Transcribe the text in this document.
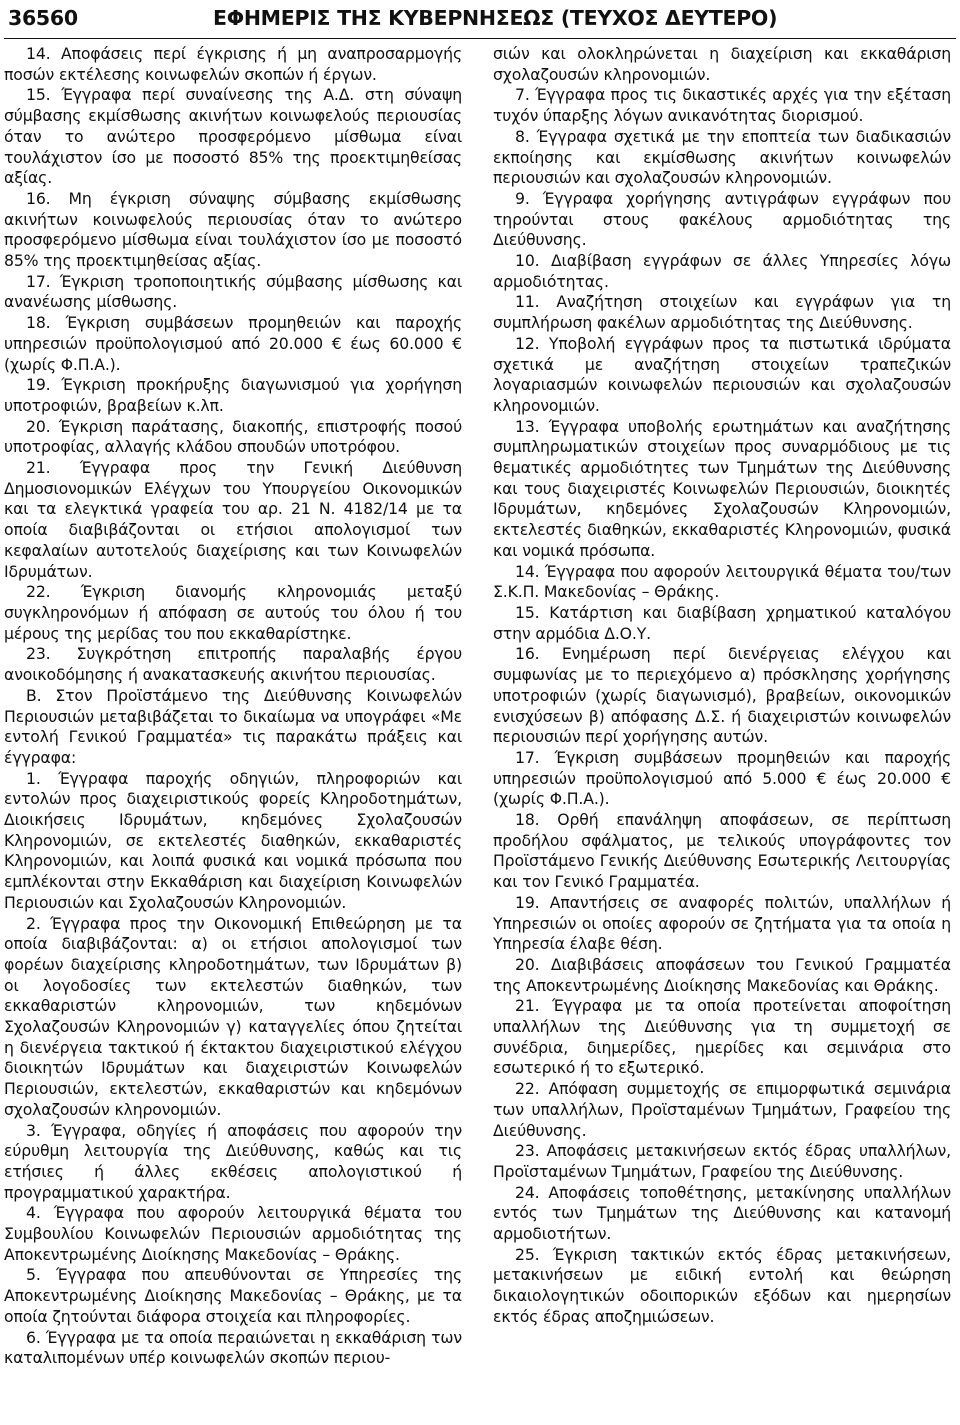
36560	ΕΦΗΜΕΡΙΣ ΤΗΣ ΚΥΒΕΡΝΗΣΕΩΣ (ΤΕΥΧΟΣ ΔΕΥΤΕΡΟ)

14. Αποφάσεις περί έγκρισης ή μη αναπροσαρμογής ποσών εκτέλεσης κοινωφελών σκοπών ή έργων.

15. Έγγραφα περί συναίνεσης της Α.Δ. στη σύναψη σύμβασης εκμίσθωσης ακινήτων κοινωφελούς περιουσίας όταν το ανώτερο προσφερόμενο μίσθωμα είναι τουλάχιστον ίσο με ποσοστό 85% της προεκτιμηθείσας αξίας.

16. Μη έγκριση σύναψης σύμβασης εκμίσθωσης ακινήτων κοινωφελούς περιουσίας όταν το ανώτερο προσφερόμενο μίσθωμα είναι τουλάχιστον ίσο με ποσοστό 85% της προεκτιμηθείσας αξίας.

17. Έγκριση τροποποιητικής σύμβασης μίσθωσης και ανανέωσης μίσθωσης.

18. Έγκριση συμβάσεων προμηθειών και παροχής υπηρεσιών προϋπολογισμού από 20.000 € έως 60.000 € (χωρίς Φ.Π.Α.).

19. Έγκριση προκήρυξης διαγωνισμού για χορήγηση υποτροφιών, βραβείων κ.λπ.

20. Έγκριση παράτασης, διακοπής, επιστροφής ποσού υποτροφίας, αλλαγής κλάδου σπουδών υποτρόφου.

21. Έγγραφα προς την Γενική Διεύθυνση Δημοσιονομικών Ελέγχων του Υπουργείου Οικονομικών και τα ελεγκτικά γραφεία του αρ. 21 Ν. 4182/14 με τα οποία διαβιβάζονται οι ετήσιοι απολογισμοί των κεφαλαίων αυτοτελούς διαχείρισης και των Κοινωφελών Ιδρυμάτων.

22. Έγκριση διανομής κληρονομιάς μεταξύ συγκληρονόμων ή απόφαση σε αυτούς του όλου ή του μέρους της μερίδας του που εκκαθαρίστηκε.

23. Συγκρότηση επιτροπής παραλαβής έργου ανοικοδόμησης ή ανακατασκευής ακινήτου περιουσίας.

Β. Στον Προϊστάμενο της Διεύθυνσης Κοινωφελών Περιουσιών μεταβιβάζεται το δικαίωμα να υπογράφει «Με εντολή Γενικού Γραμματέα» τις παρακάτω πράξεις και έγγραφα:

1. Έγγραφα παροχής οδηγιών, πληροφοριών και εντολών προς διαχειριστικούς φορείς Κληροδοτημάτων, Διοικήσεις Ιδρυμάτων, κηδεμόνες Σχολαζουσών Κληρονομιών, σε εκτελεστές διαθηκών, εκκαθαριστές Κληρονομιών, και λοιπά φυσικά και νομικά πρόσωπα που εμπλέκονται στην Εκκαθάριση και διαχείριση Κοινωφελών Περιουσιών και Σχολαζουσών Κληρονομιών.

2. Έγγραφα προς την Οικονομική Επιθεώρηση με τα οποία διαβιβάζονται: α) οι ετήσιοι απολογισμοί των φορέων διαχείρισης κληροδοτημάτων, των Ιδρυμάτων β) οι λογοδοσίες των εκτελεστών διαθηκών, των εκκαθαριστών κληρονομιών, των κηδεμόνων Σχολαζουσών Κληρονομιών γ) καταγγελίες όπου ζητείται η διενέργεια τακτικού ή έκτακτου διαχειριστικού ελέγχου διοικητών Ιδρυμάτων και διαχειριστών Κοινωφελών Περιουσιών, εκτελεστών, εκκαθαριστών και κηδεμόνων σχολαζουσών κληρονομιών.

3. Έγγραφα, οδηγίες ή αποφάσεις που αφορούν την εύρυθμη λειτουργία της Διεύθυνσης, καθώς και τις ετήσιες ή άλλες εκθέσεις απολογιστικού ή προγραμματικού χαρακτήρα.

4. Έγγραφα που αφορούν λειτουργικά θέματα του Συμβουλίου Κοινωφελών Περιουσιών αρμοδιότητας της Αποκεντρωμένης Διοίκησης Μακεδονίας – Θράκης.

5. Έγγραφα που απευθύνονται σε Υπηρεσίες της Αποκεντρωμένης Διοίκησης Μακεδονίας – Θράκης, με τα οποία ζητούνται διάφορα στοιχεία και πληροφορίες.

6. Έγγραφα με τα οποία περαιώνεται η εκκαθάριση των καταλιπομένων υπέρ κοινωφελών σκοπών περιου-

σιών και ολοκληρώνεται η διαχείριση και εκκαθάριση σχολαζουσών κληρονομιών.

7. Έγγραφα προς τις δικαστικές αρχές για την εξέταση τυχόν ύπαρξης λόγων ανικανότητας διορισμού.

8. Έγγραφα σχετικά με την εποπτεία των διαδικασιών εκποίησης και εκμίσθωσης ακινήτων κοινωφελών περιουσιών και σχολαζουσών κληρονομιών.

9. Έγγραφα χορήγησης αντιγράφων εγγράφων που τηρούνται στους φακέλους αρμοδιότητας της Διεύθυνσης.

10. Διαβίβαση εγγράφων σε άλλες Υπηρεσίες λόγω αρμοδιότητας.

11. Αναζήτηση στοιχείων και εγγράφων για τη συμπλήρωση φακέλων αρμοδιότητας της Διεύθυνσης.

12. Υποβολή εγγράφων προς τα πιστωτικά ιδρύματα σχετικά με αναζήτηση στοιχείων τραπεζικών λογαριασμών κοινωφελών περιουσιών και σχολαζουσών κληρονομιών.

13. Έγγραφα υποβολής ερωτημάτων και αναζήτησης συμπληρωματικών στοιχείων προς συναρμόδιους με τις θεματικές αρμοδιότητες των Τμημάτων της Διεύθυνσης και τους διαχειριστές Κοινωφελών Περιουσιών, διοικητές Ιδρυμάτων, κηδεμόνες Σχολαζουσών Κληρονομιών, εκτελεστές διαθηκών, εκκαθαριστές Κληρονομιών, φυσικά και νομικά πρόσωπα.

14. Έγγραφα που αφορούν λειτουργικά θέματα του/των Σ.Κ.Π. Μακεδονίας – Θράκης.

15. Κατάρτιση και διαβίβαση χρηματικού καταλόγου στην αρμόδια Δ.Ο.Υ.

16. Ενημέρωση περί διενέργειας ελέγχου και συμφωνίας με το περιεχόμενο α) πρόσκλησης χορήγησης υποτροφιών (χωρίς διαγωνισμό), βραβείων, οικονομικών ενισχύσεων β) απόφασης Δ.Σ. ή διαχειριστών κοινωφελών περιουσιών περί χορήγησης αυτών.

17. Έγκριση συμβάσεων προμηθειών και παροχής υπηρεσιών προϋπολογισμού από 5.000 € έως 20.000 € (χωρίς Φ.Π.Α.).

18. Ορθή επανάληψη αποφάσεων, σε περίπτωση προδήλου σφάλματος, με τελικούς υπογράφοντες τον Προϊστάμενο Γενικής Διεύθυνσης Εσωτερικής Λειτουργίας και τον Γενικό Γραμματέα.

19. Απαντήσεις σε αναφορές πολιτών, υπαλλήλων ή Υπηρεσιών οι οποίες αφορούν σε ζητήματα για τα οποία η Υπηρεσία έλαβε θέση.

20. Διαβιβάσεις αποφάσεων του Γενικού Γραμματέα της Αποκεντρωμένης Διοίκησης Μακεδονίας και Θράκης.

21. Έγγραφα με τα οποία προτείνεται αποφοίτηση υπαλλήλων της Διεύθυνσης για τη συμμετοχή σε συνέδρια, διημερίδες, ημερίδες και σεμινάρια στο εσωτερικό ή το εξωτερικό.

22. Απόφαση συμμετοχής σε επιμορφωτικά σεμινάρια των υπαλλήλων, Προϊσταμένων Τμημάτων, Γραφείου της Διεύθυνσης.

23. Αποφάσεις μετακινήσεων εκτός έδρας υπαλλήλων, Προϊσταμένων Τμημάτων, Γραφείου της Διεύθυνσης.

24. Αποφάσεις τοποθέτησης, μετακίνησης υπαλλήλων εντός των Τμημάτων της Διεύθυνσης και κατανομή αρμοδιοτήτων.

25. Έγκριση τακτικών εκτός έδρας μετακινήσεων, μετακινήσεων με ειδική εντολή και θεώρηση δικαιολογητικών οδοιπορικών εξόδων και ημερησίων εκτός έδρας αποζημιώσεων.
